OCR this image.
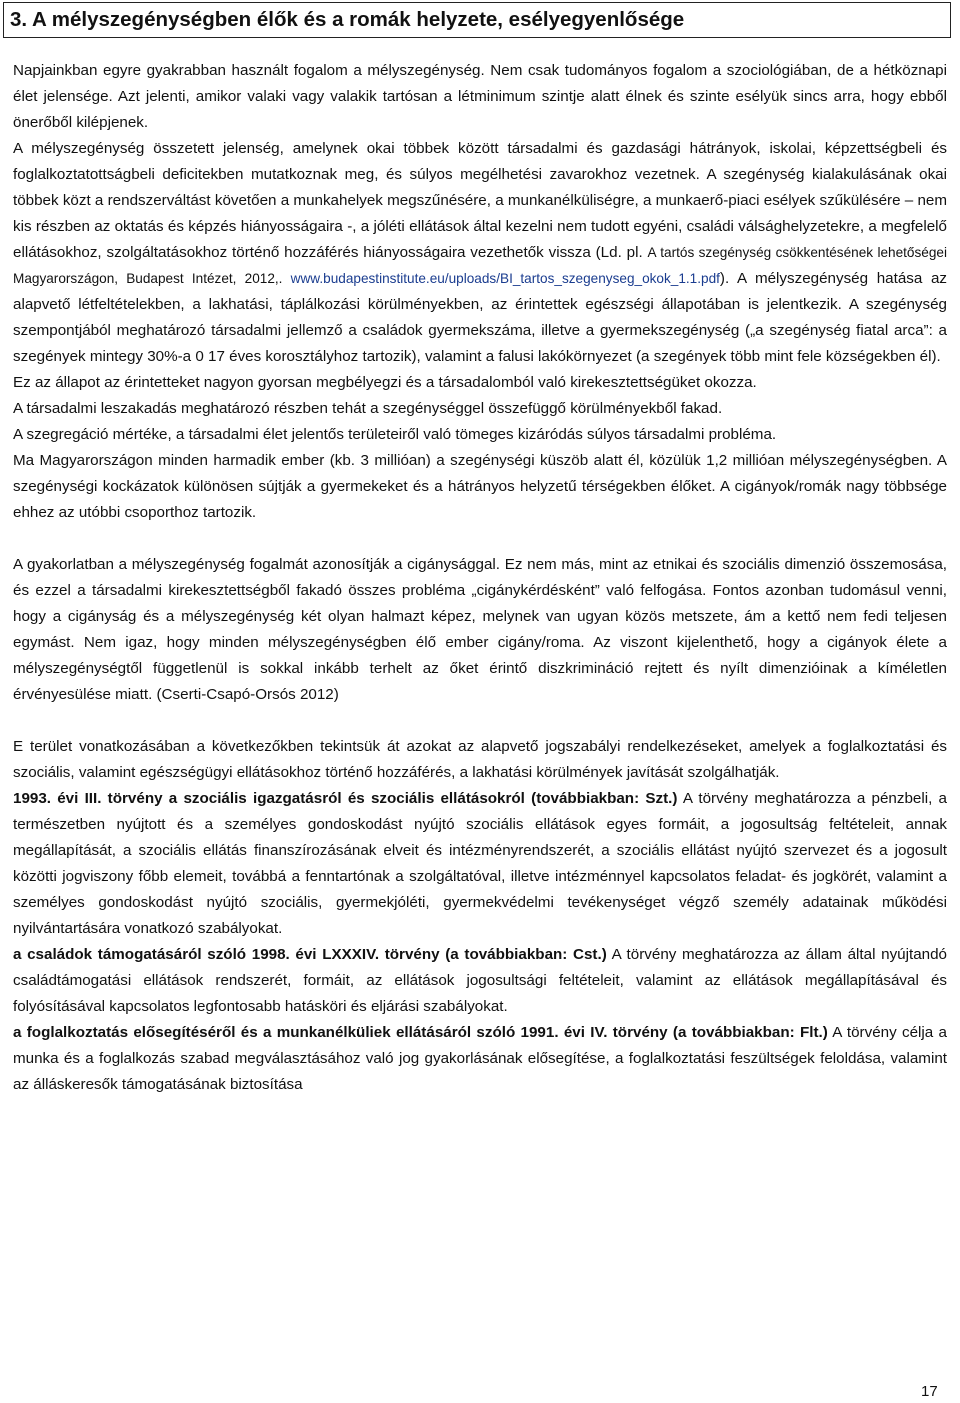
3. A mélyszegénységben élők és a romák helyzete, esélyegyenlősége

Napjainkban egyre gyakrabban használt fogalom a mélyszegénység. Nem csak tudományos fogalom a szociológiában, de a hétköznapi élet jelensége. Azt jelenti, amikor valaki vagy valakik tartósan a létminimum szintje alatt élnek és szinte esélyük sincs arra, hogy ebből önerőből kilépjenek.

A mélyszegénység összetett jelenség, amelynek okai többek között társadalmi és gazdasági hátrányok, iskolai, képzettségbeli és foglalkoztatottságbeli deficitekben mutatkoznak meg, és súlyos megélhetési zavarokhoz vezetnek. A szegénység kialakulásának okai többek közt a rendszerváltást követően a munkahelyek megszűnésére, a munkanélküliségre, a munkaerő-piaci esélyek szűkülésére – nem kis részben az oktatás és képzés hiányosságaira -, a jóléti ellátások által kezelni nem tudott egyéni, családi válsághelyzetekre, a megfelelő ellátásokhoz, szolgáltatásokhoz történő hozzáférés hiányosságaira vezethetők vissza (Ld. pl. A tartós szegénység csökkentésének lehetőségei Magyarországon, Budapest Intézet, 2012,. www.budapestinstitute.eu/uploads/BI_tartos_szegenyseg_okok_1.1.pdf). A mélyszegénység hatása az alapvető létfeltételekben, a lakhatási, táplálkozási körülményekben, az érintettek egészségi állapotában is jelentkezik. A szegénység szempontjából meghatározó társadalmi jellemző a családok gyermekszáma, illetve a gyermekszegénység („a szegénység fiatal arca”: a szegények mintegy 30%-a 0 17 éves korosztályhoz tartozik), valamint a falusi lakókörnyezet (a szegények több mint fele községekben él).

Ez az állapot az érintetteket nagyon gyorsan megbélyegzi és a társadalomból való kirekesztettségüket okozza.

A társadalmi leszakadás meghatározó részben tehát a szegénységgel összefüggő körülményekből fakad.

A szegregáció mértéke, a társadalmi élet jelentős területeiről való tömeges kizáródás súlyos társadalmi probléma.

Ma Magyarországon minden harmadik ember (kb. 3 millióan) a szegénységi küszöb alatt él, közülük 1,2 millióan mélyszegénységben. A szegénységi kockázatok különösen sújtják a gyermekeket és a hátrányos helyzetű térségekben élőket. A cigányok/romák nagy többsége ehhez az utóbbi csoporthoz tartozik.

A gyakorlatban a mélyszegénység fogalmát azonosítják a cigánysággal. Ez nem más, mint az etnikai és szociális dimenzió összemosása, és ezzel a társadalmi kirekesztettségből fakadó összes probléma „cigánykérdésként” való felfogása. Fontos azonban tudomásul venni, hogy a cigányság és a mélyszegénység két olyan halmazt képez, melynek van ugyan közös metszete, ám a kettő nem fedi teljesen egymást. Nem igaz, hogy minden mélyszegénységben élő ember cigány/roma. Az viszont kijelenthető, hogy a cigányok élete a mélyszegénységtől függetlenül is sokkal inkább terhelt az őket érintő diszkrimináció rejtett és nyílt dimenzióinak a kíméletlen érvényesülése miatt. (Cserti-Csapó-Orsós 2012)

E terület vonatkozásában a következőkben tekintsük át azokat az alapvető jogszabályi rendelkezéseket, amelyek a foglalkoztatási és szociális, valamint egészségügyi ellátásokhoz történő hozzáférés, a lakhatási körülmények javítását szolgálhatják.

1993. évi III. törvény a szociális igazgatásról és szociális ellátásokról (továbbiakban: Szt.) A törvény meghatározza a pénzbeli, a természetben nyújtott és a személyes gondoskodást nyújtó szociális ellátások egyes formáit, a jogosultság feltételeit, annak megállapítását, a szociális ellátás finanszírozásának elveit és intézményrendszerét, a szociális ellátást nyújtó szervezet és a jogosult közötti jogviszony főbb elemeit, továbbá a fenntartónak a szolgáltatóval, illetve intézménnyel kapcsolatos feladat- és jogkörét, valamint a személyes gondoskodást nyújtó szociális, gyermekjóléti, gyermekvédelmi tevékenységet végző személy adatainak működési nyilvántartására vonatkozó szabályokat.

a családok támogatásáról szóló 1998. évi LXXXIV. törvény (a továbbiakban: Cst.) A törvény meghatározza az állam által nyújtandó családtámogatási ellátások rendszerét, formáit, az ellátások jogosultsági feltételeit, valamint az ellátások megállapításával és folyósításával kapcsolatos legfontosabb hatásköri és eljárási szabályokat.

a foglalkoztatás elősegítéséről és a munkanélküliek ellátásáról szóló 1991. évi IV. törvény (a továbbiakban: Flt.) A törvény célja a munka és a foglalkozás szabad megválasztásához való jog gyakorlásának elősegítése, a foglalkoztatási feszültségek feloldása, valamint az álláskeresők támogatásának biztosítása

17
